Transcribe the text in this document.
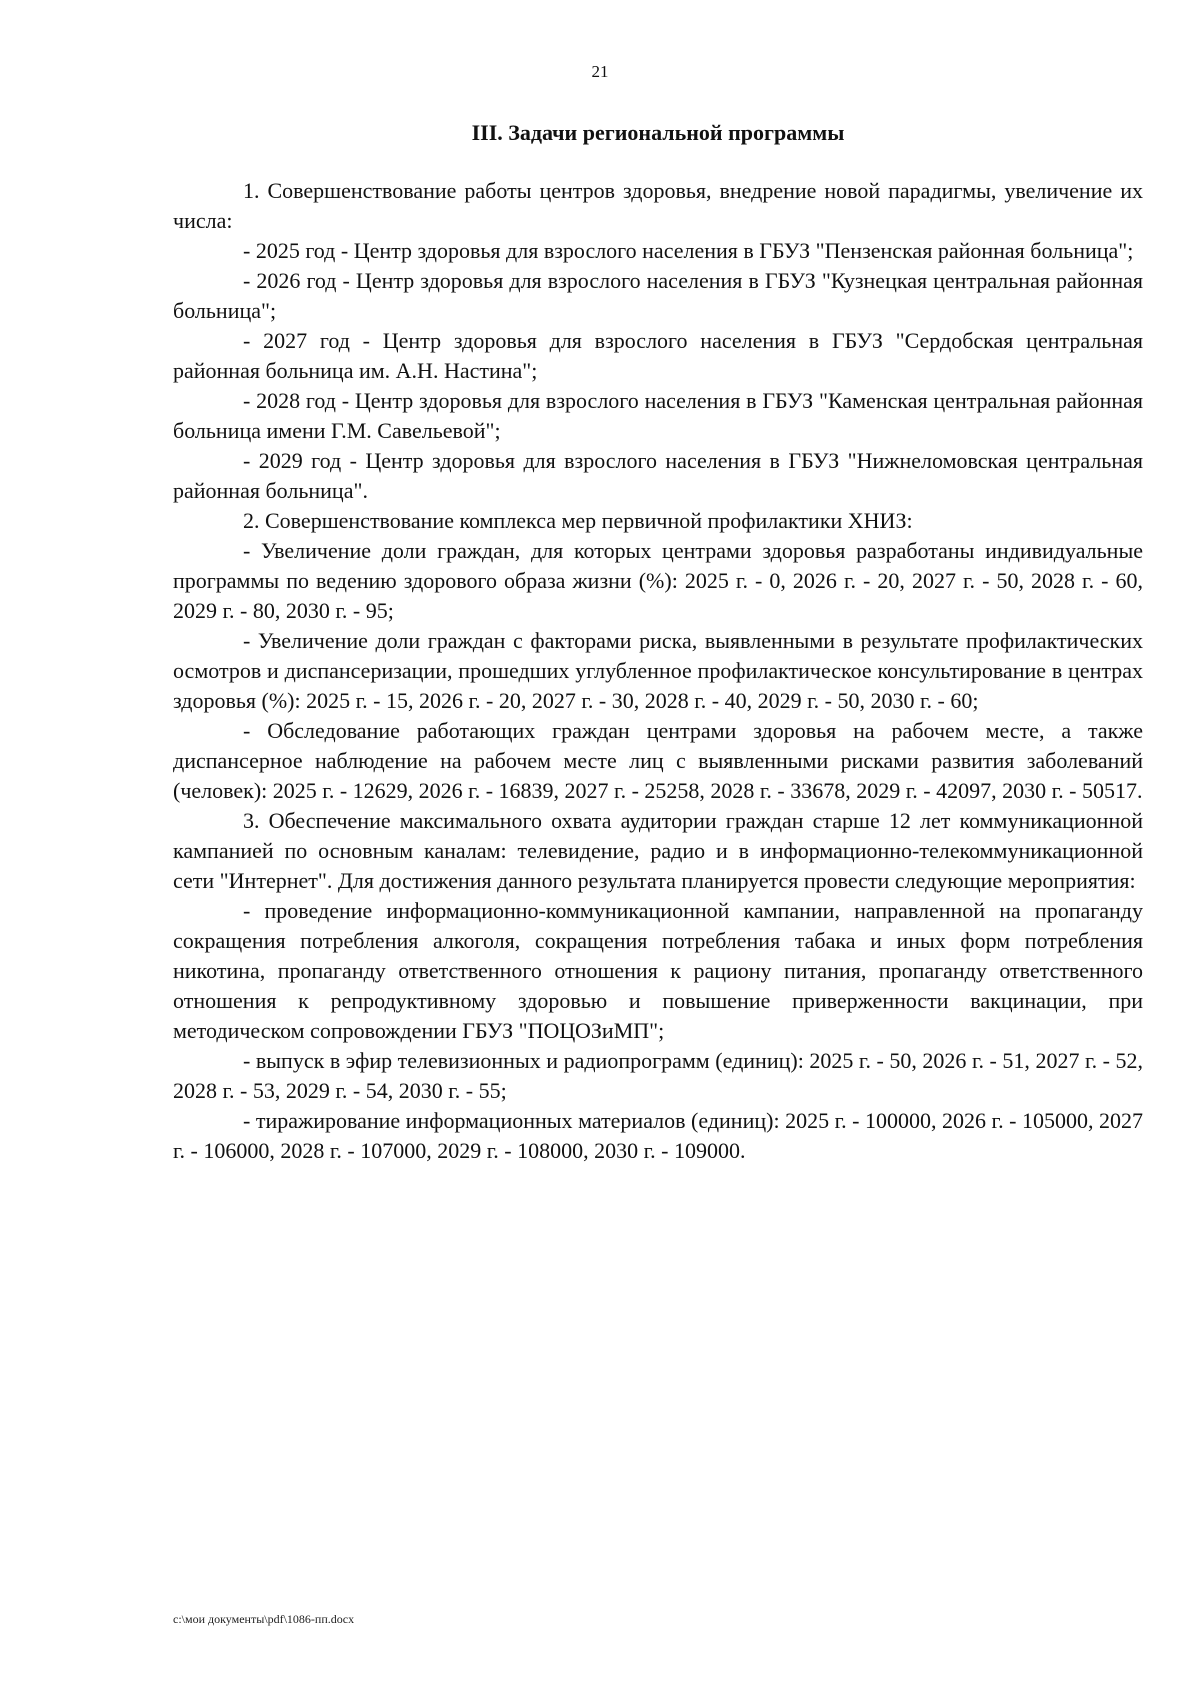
21
III. Задачи региональной программы

1. Совершенствование работы центров здоровья, внедрение новой парадигмы, увеличение их числа:

- 2025 год - Центр здоровья для взрослого населения в ГБУЗ "Пензенская районная больница";

- 2026 год - Центр здоровья для взрослого населения в ГБУЗ "Кузнецкая центральная районная больница";

- 2027 год - Центр здоровья для взрослого населения в ГБУЗ "Сердобская центральная районная больница им. А.Н. Настина";

- 2028 год - Центр здоровья для взрослого населения в ГБУЗ "Каменская центральная районная больница имени Г.М. Савельевой";

- 2029 год - Центр здоровья для взрослого населения в ГБУЗ "Нижнеломовская центральная районная больница".

2. Совершенствование комплекса мер первичной профилактики ХНИЗ:

- Увеличение доли граждан, для которых центрами здоровья разработаны индивидуальные программы по ведению здорового образа жизни (%): 2025 г. - 0, 2026 г. - 20, 2027 г. - 50, 2028 г. - 60, 2029 г. - 80, 2030 г. - 95;

- Увеличение доли граждан с факторами риска, выявленными в результате профилактических осмотров и диспансеризации, прошедших углубленное профилактическое консультирование в центрах здоровья (%): 2025 г. - 15, 2026 г. - 20, 2027 г. - 30, 2028 г. - 40, 2029 г. - 50, 2030 г. - 60;

- Обследование работающих граждан центрами здоровья на рабочем месте, а также диспансерное наблюдение на рабочем месте лиц с выявленными рисками развития заболеваний (человек): 2025 г. - 12629, 2026 г. - 16839, 2027 г. - 25258, 2028 г. - 33678, 2029 г. - 42097, 2030 г. - 50517.

3. Обеспечение максимального охвата аудитории граждан старше 12 лет коммуникационной кампанией по основным каналам: телевидение, радио и в информационно-телекоммуникационной сети "Интернет". Для достижения данного результата планируется провести следующие мероприятия:

- проведение информационно-коммуникационной кампании, направленной на пропаганду сокращения потребления алкоголя, сокращения потребления табака и иных форм потребления никотина, пропаганду ответственного отношения к рациону питания, пропаганду ответственного отношения к репродуктивному здоровью и повышение приверженности вакцинации, при методическом сопровождении ГБУЗ "ПОЦОЗиМП";

- выпуск в эфир телевизионных и радиопрограмм (единиц): 2025 г. - 50, 2026 г. - 51, 2027 г. - 52, 2028 г. - 53, 2029 г. - 54, 2030 г. - 55;

- тиражирование информационных материалов (единиц): 2025 г. - 100000, 2026 г. - 105000, 2027 г. - 106000, 2028 г. - 107000, 2029 г. - 108000, 2030 г. - 109000.

c:\мои документы\pdf\1086-пп.docx
